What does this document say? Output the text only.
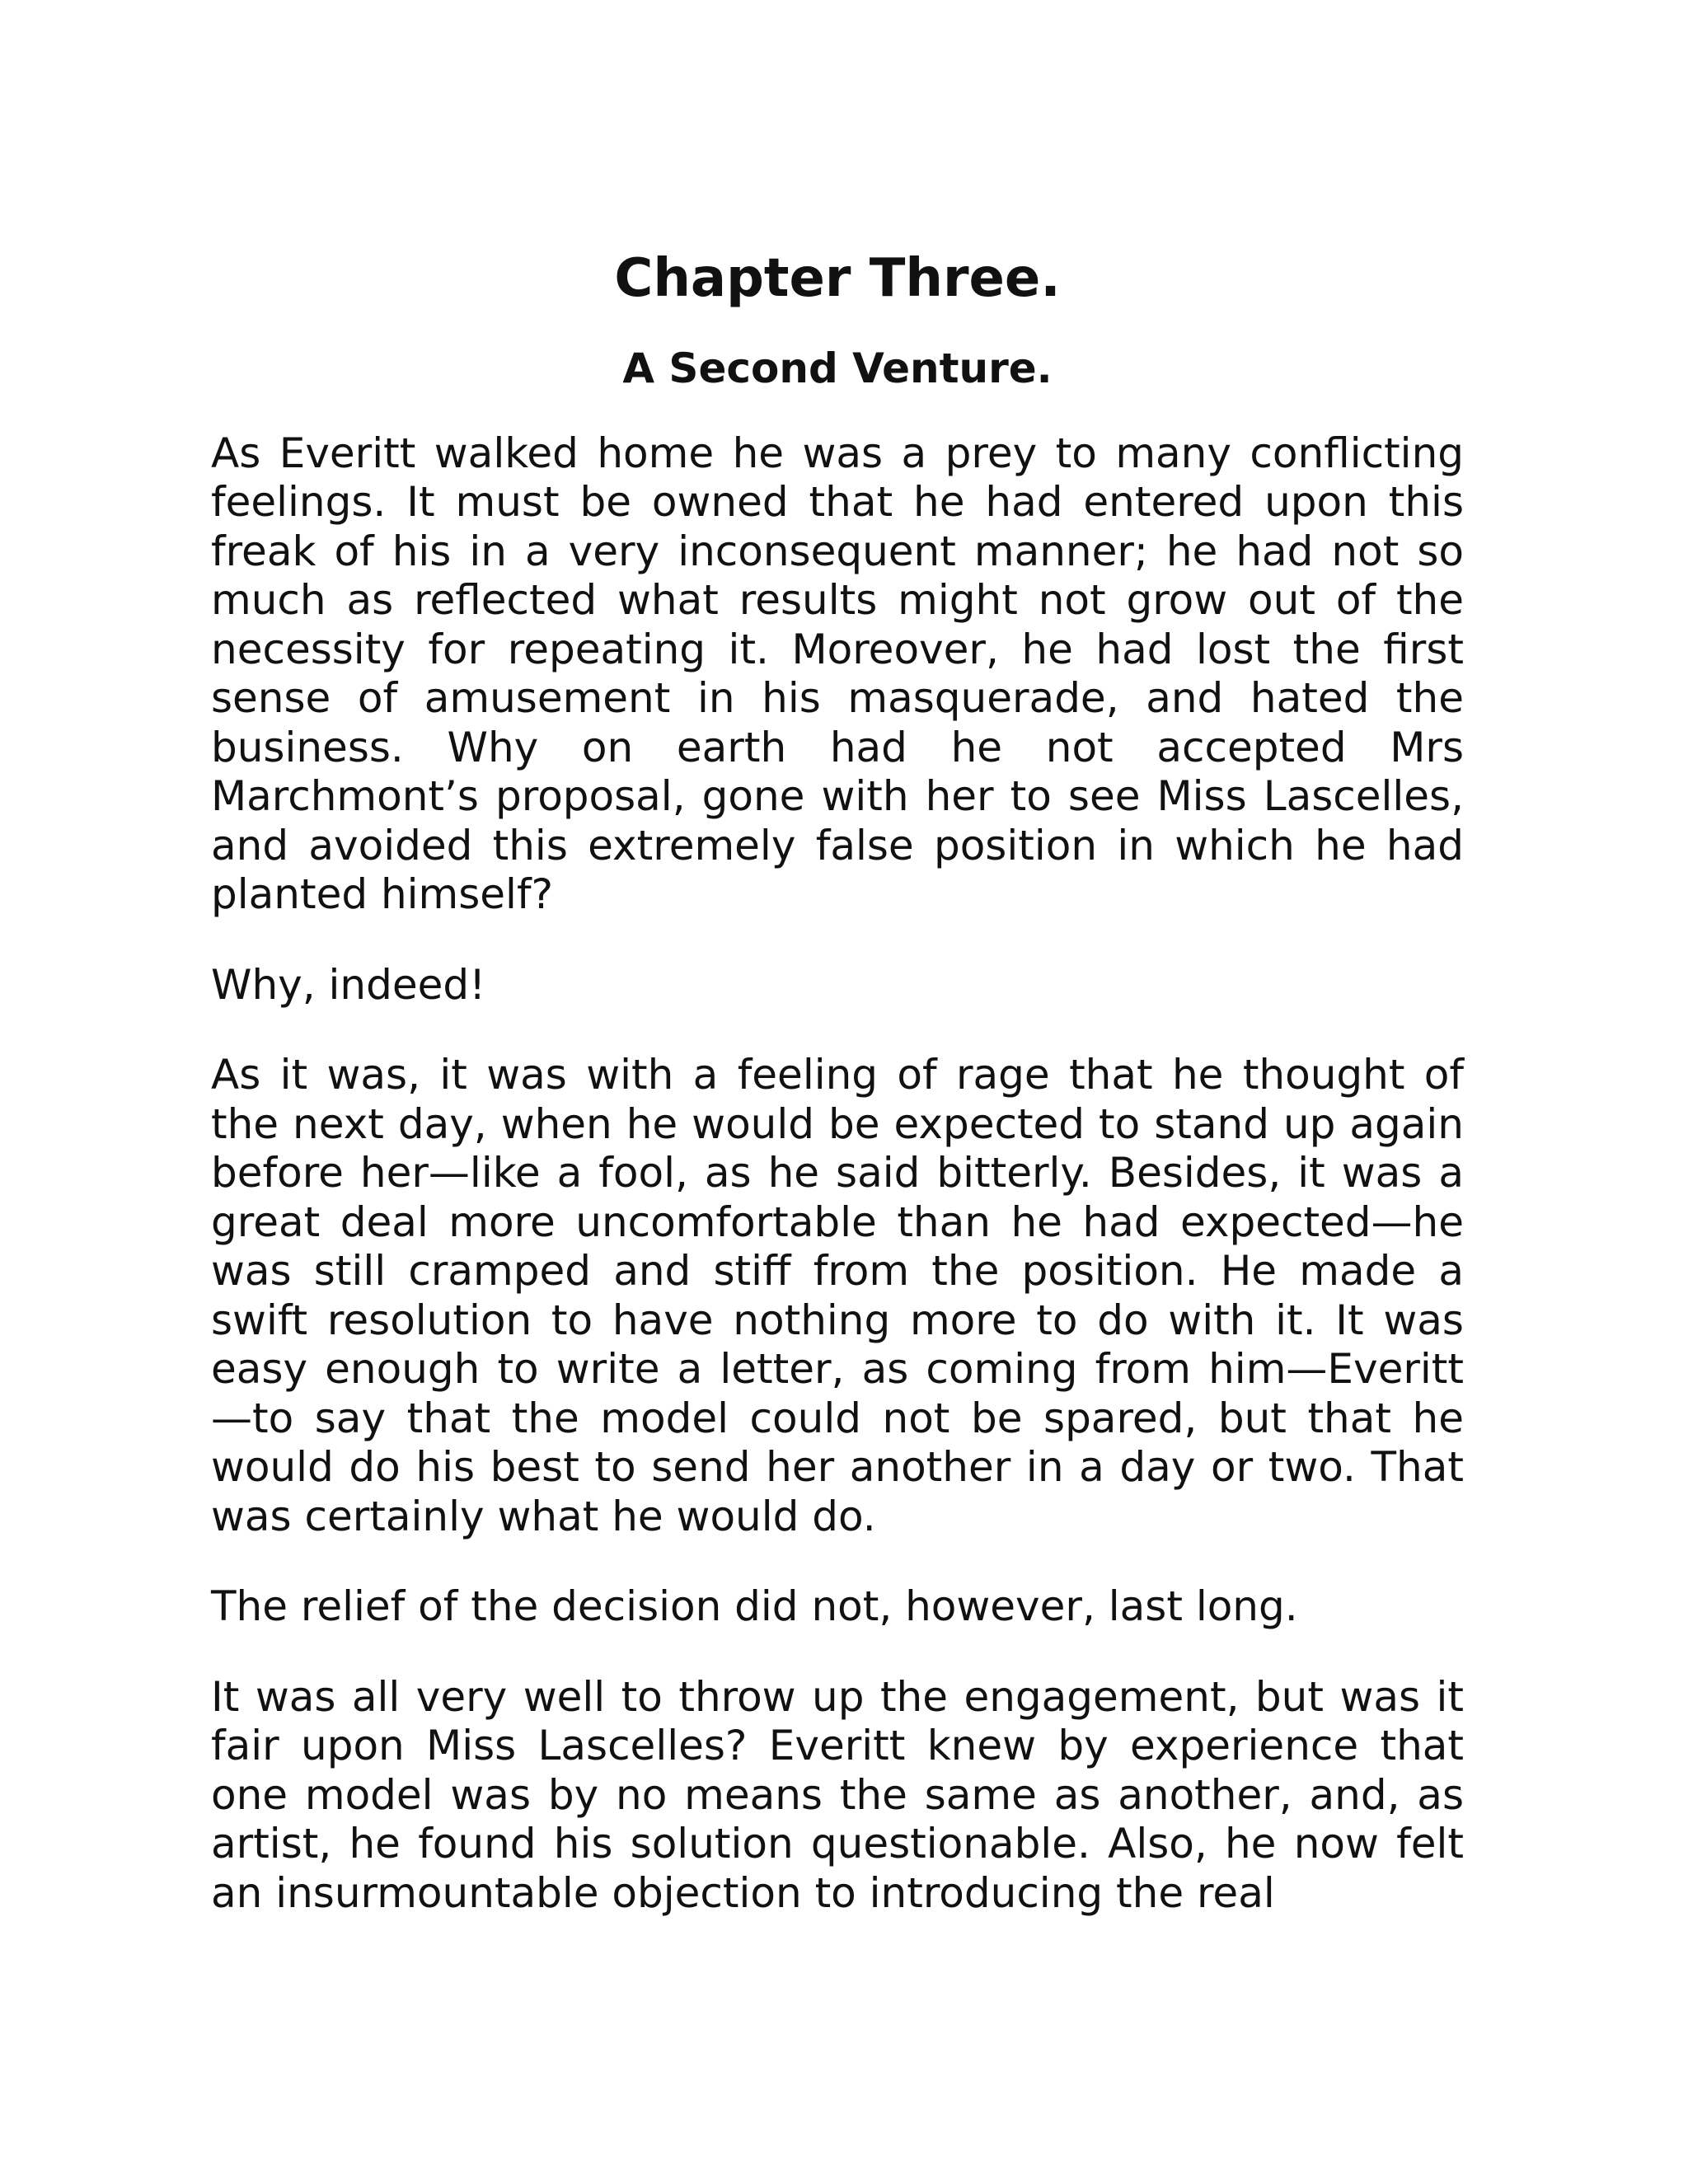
Chapter Three.
A Second Venture.

As Everitt walked home he was a prey to many conflicting feelings. It must be owned that he had entered upon this freak of his in a very inconsequent manner; he had not so much as reflected what results might not grow out of the necessity for repeating it. Moreover, he had lost the first sense of amusement in his masquerade, and hated the business. Why on earth had he not accepted Mrs Marchmont’s proposal, gone with her to see Miss Lascelles, and avoided this extremely false position in which he had planted himself?

Why, indeed!

As it was, it was with a feeling of rage that he thought of the next day, when he would be expected to stand up again before her—like a fool, as he said bitterly. Besides, it was a great deal more uncomfortable than he had expected—he was still cramped and stiff from the position. He made a swift resolution to have nothing more to do with it. It was easy enough to write a letter, as coming from him—Everitt—to say that the model could not be spared, but that he would do his best to send her another in a day or two. That was certainly what he would do.

The relief of the decision did not, however, last long.

It was all very well to throw up the engagement, but was it fair upon Miss Lascelles? Everitt knew by experience that one model was by no means the same as another, and, as artist, he found his solution questionable. Also, he now felt an insurmountable objection to introducing the real
